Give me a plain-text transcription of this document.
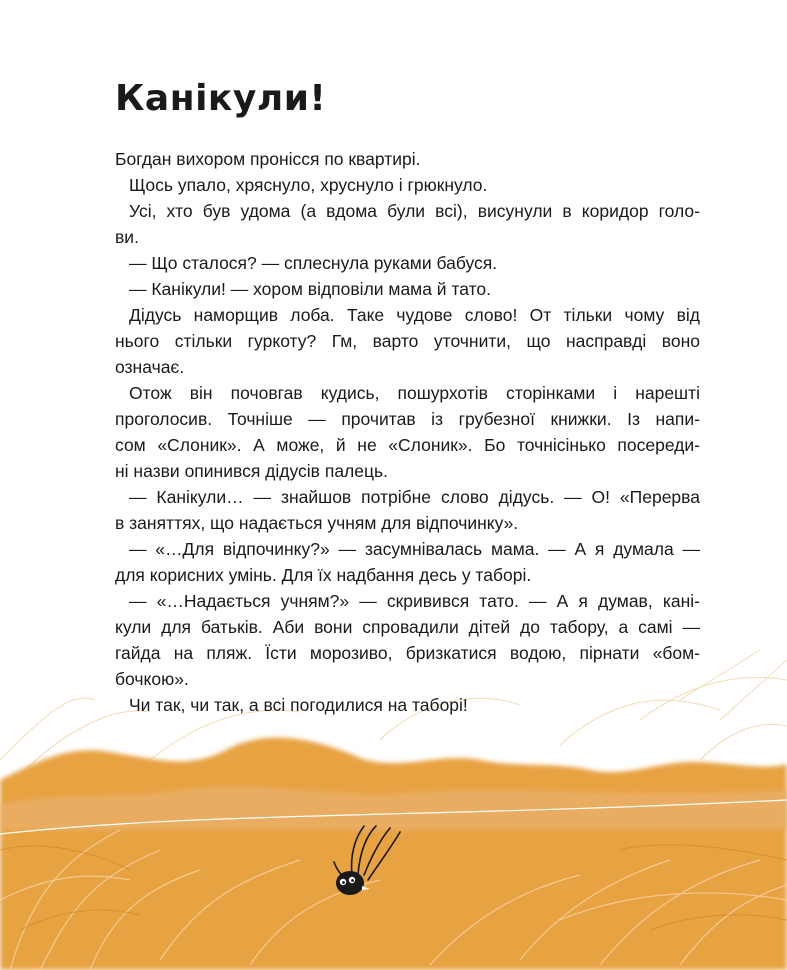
Канікули!
Богдан вихором пронісся по квартирі.
Щось упало, хряснуло, хруснуло і грюкнуло.
Усі, хто був удома (а вдома були всі), висунули в коридор голо-
ви.
— Що сталося? — сплеснула руками бабуся.
— Канікули! — хором відповіли мама й тато.
Дідусь наморщив лоба. Таке чудове слово! От тільки чому від
нього стільки гуркоту? Гм, варто уточнити, що насправді воно
означає.
Отож він почовгав кудись, пошурхотів сторінками і нарешті
проголосив. Точніше — прочитав із грубезної книжки. Із напи-
сом «Слоник». А може, й не «Слоник». Бо точнісінько посереди-
ні назви опинився дідусів палець.
— Канікули… — знайшов потрібне слово дідусь. — О! «Перерва
в заняттях, що надається учням для відпочинку».
— «…Для відпочинку?» — засумнівалась мама. — А я думала —
для корисних умінь. Для їх надбання десь у таборі.
— «…Надається учням?» — скривився тато. — А я думав, кані-
кули для батьків. Аби вони спровадили дітей до табору, а самі —
гайда на пляж. Їсти морозиво, бризкатися водою, пірнати «бом-
бочкою».
Чи так, чи так, а всі погодилися на таборі!
